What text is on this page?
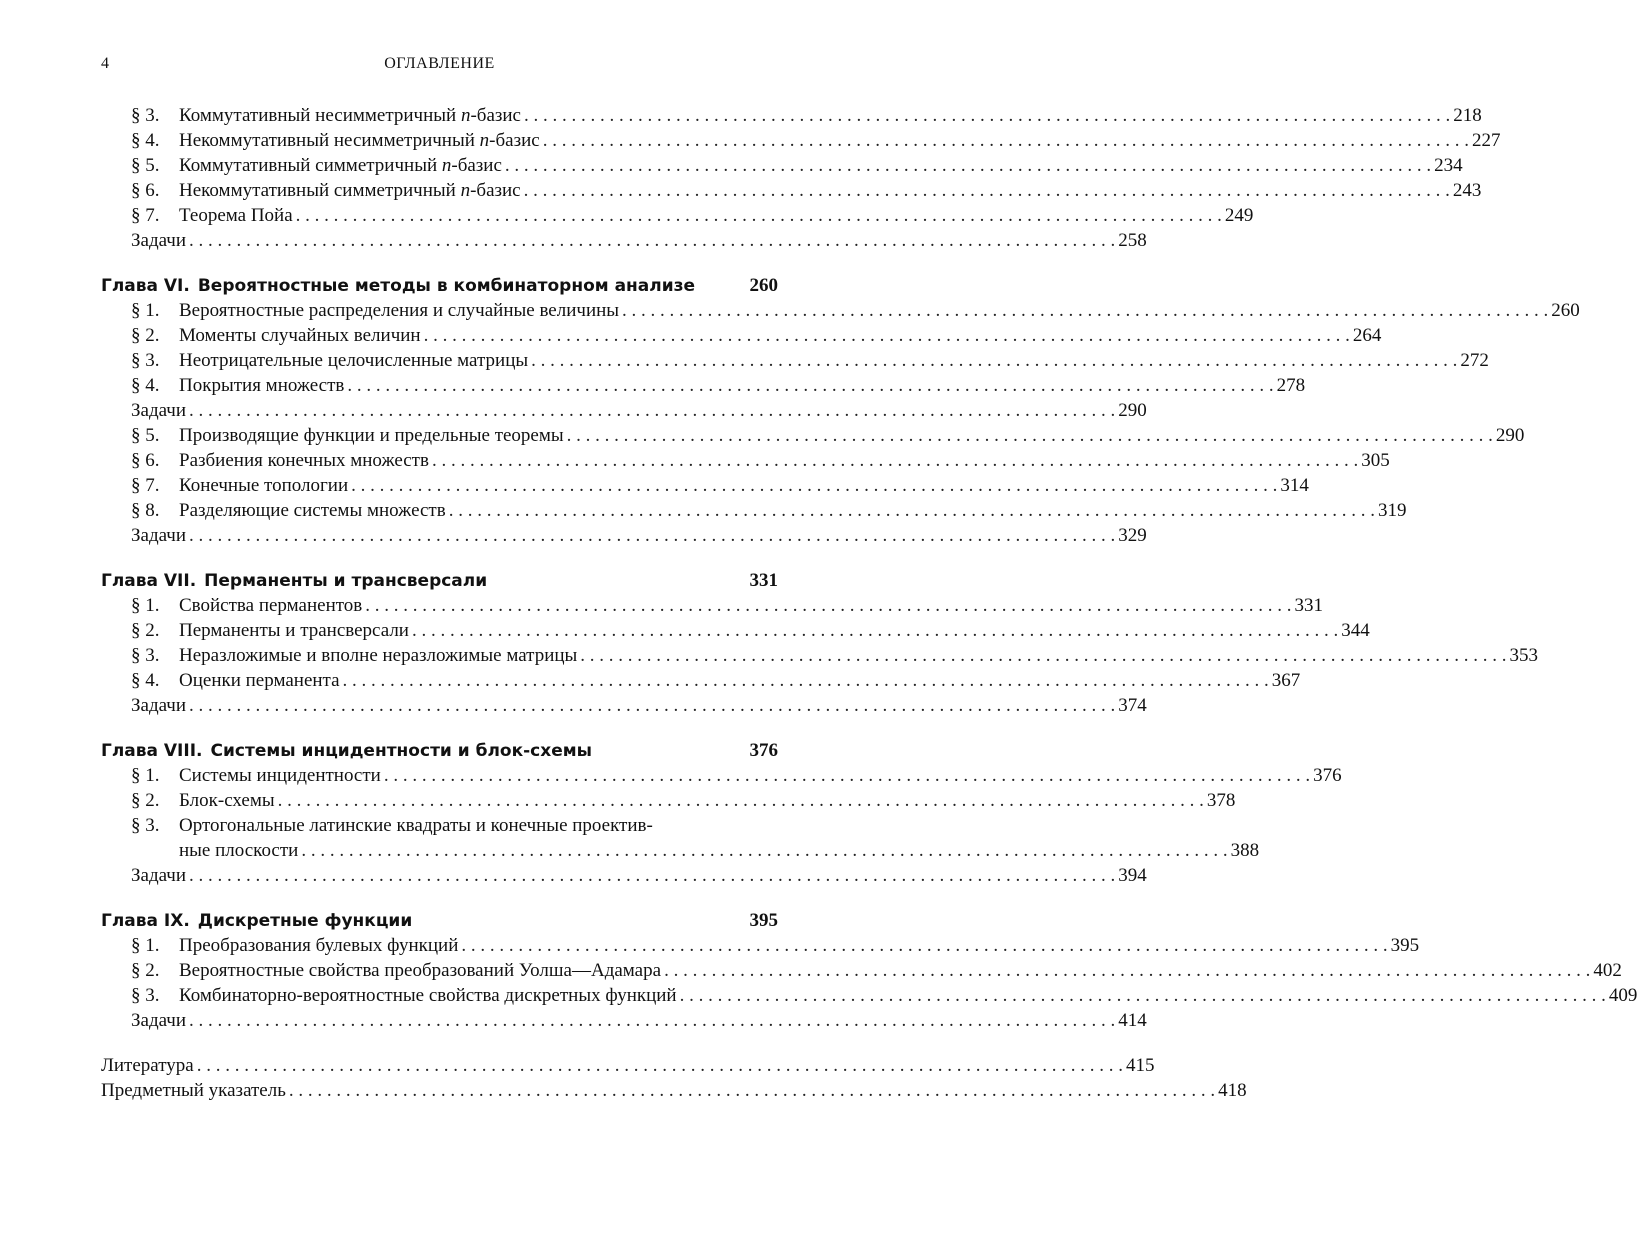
4	ОГЛАВЛЕНИЕ
§ 3.	Коммутативный несимметричный n-базис . . .	218
§ 4.	Некоммутативный несимметричный n-базис . . .	227
§ 5.	Коммутативный симметричный n-базис . . .	234
§ 6.	Некоммутативный симметричный n-базис . . .	243
§ 7.	Теорема Пойа . . .	249
Задачи . . .	258
Глава VI. Вероятностные методы в комбинаторном анализе	260
§ 1.	Вероятностные распределения и случайные величины . . .	260
§ 2.	Моменты случайных величин . . .	264
§ 3.	Неотрицательные целочисленные матрицы . . .	272
§ 4.	Покрытия множеств . . .	278
Задачи . . .	290
§ 5.	Производящие функции и предельные теоремы . . .	290
§ 6.	Разбиения конечных множеств . . .	305
§ 7.	Конечные топологии . . .	314
§ 8.	Разделяющие системы множеств . . .	319
Задачи . . .	329
Глава VII. Перманенты и трансверсали	331
§ 1.	Свойства перманентов . . .	331
§ 2.	Перманенты и трансверсали . . .	344
§ 3.	Неразложимые и вполне неразложимые матрицы . . .	353
§ 4.	Оценки перманента . . .	367
Задачи . . .	374
Глава VIII. Системы инцидентности и блок-схемы	376
§ 1.	Системы инцидентности . . .	376
§ 2.	Блок-схемы . . .	378
§ 3.	Ортогональные латинские квадраты и конечные проектив-
ные плоскости . . .	388
Задачи . . .	394
Глава IX. Дискретные функции	395
§ 1.	Преобразования булевых функций . . .	395
§ 2.	Вероятностные свойства преобразований Уолша—Адамара . . .	402
§ 3.	Комбинаторно-вероятностные свойства дискретных функций . . .	409
Задачи . . .	414
Литература . . .	415
Предметный указатель . . .	418
